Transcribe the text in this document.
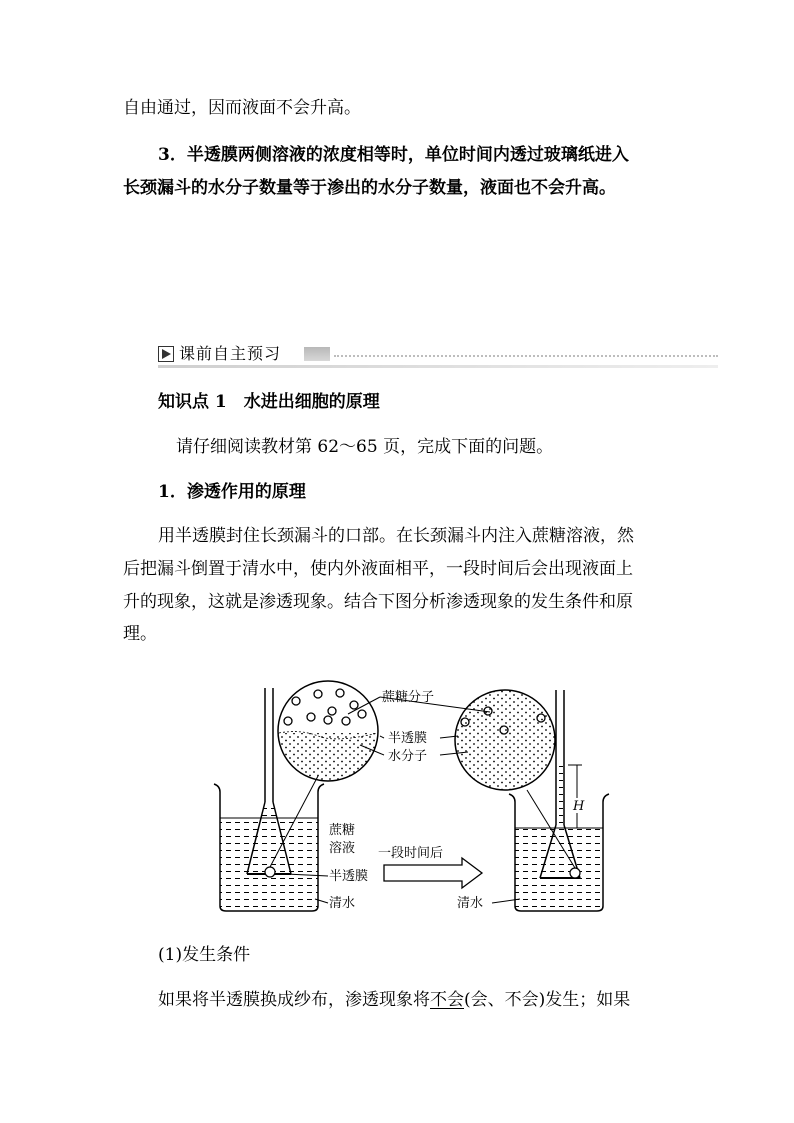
自由通过，因而液面不会升高。
3．半透膜两侧溶液的浓度相等时，单位时间内透过玻璃纸进入
长颈漏斗的水分子数量等于渗出的水分子数量，液面也不会升高。
课前自主预习
知识点 1　水进出细胞的原理
请仔细阅读教材第 62～65 页，完成下面的问题。
1．渗透作用的原理
用半透膜封住长颈漏斗的口部。在长颈漏斗内注入蔗糖溶液，然
后把漏斗倒置于清水中，使内外液面相平，一段时间后会出现液面上
升的现象，这就是渗透现象。结合下图分析渗透现象的发生条件和原
理。
蔗糖分子
半透膜
水分子
蔗糖
溶液 一段时间后
半透膜
清水	清水
H
(1)发生条件
如果将半透膜换成纱布，渗透现象将不会(会、不会)发生；如果
